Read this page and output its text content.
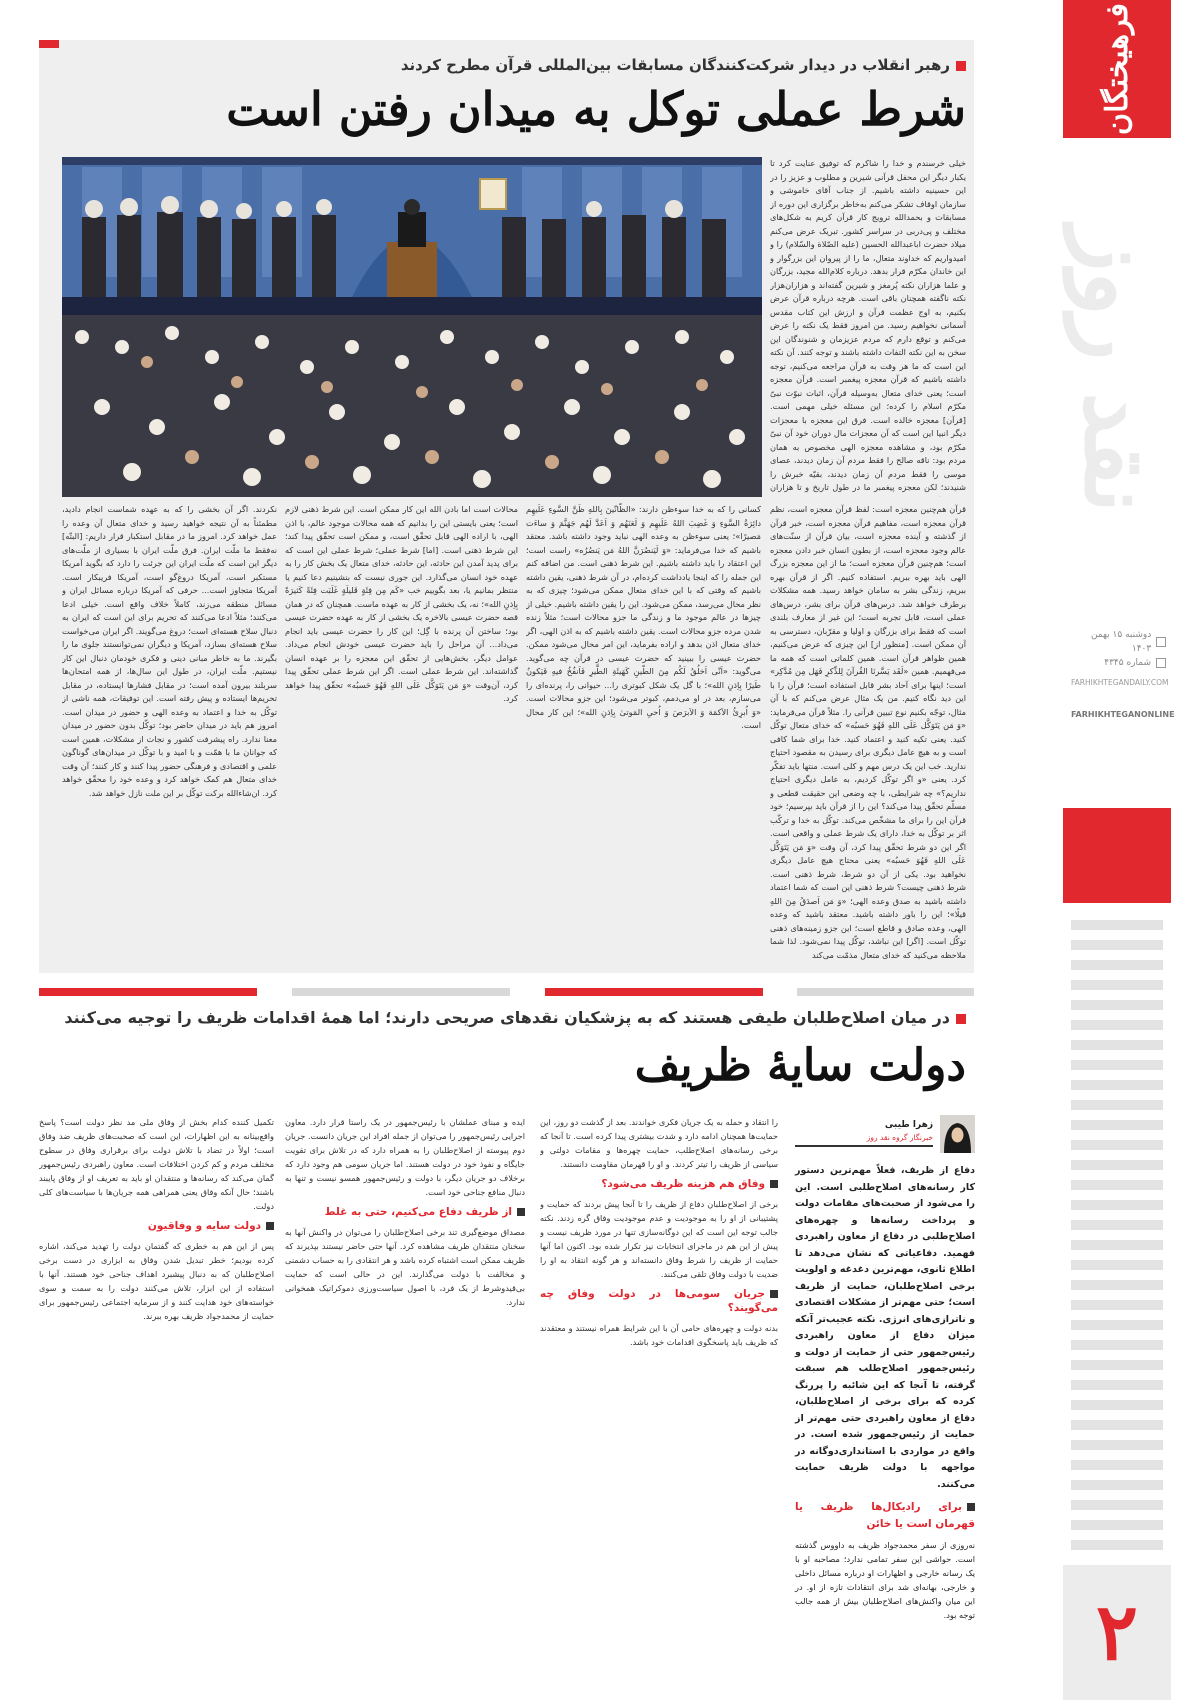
فرهیختگان
نقد روز
دوشنبه ۱۵ بهمن ۱۴۰۳
شماره ۴۳۴۵
FARHIKHTEGANDAILY.COM
FARHIKHTEGANONLINE
۲
رهبر انقلاب در دیدار شرکت‌کنندگان مسابقات بین‌المللی قرآن مطرح کردند
شرط عملی توکل به میدان رفتن است

خیلی خرسندم و خدا را شاکرم که توفیق عنایت کرد تا یکبار دیگر این محفل قرآنی شیرین و مطلوب و عزیز را در این حسینیه داشته باشیم. از جناب آقای خاموشی و سازمان اوقاف تشکر می‌کنم به‌خاطر برگزاری این دوره از مسابقات و بحمدالله ترویج کار قرآن کریم به شکل‌های مختلف و پی‌دربی در سراسر کشور. تبریک عرض می‌کنم میلاد حضرت اباعبدالله الحسین (علیه الصّلاة والسّلام) را و امیدواریم که خداوند متعال، ما را از پیروان این بزرگوار و این خاندان مکرّم قرار بدهد. درباره کلام‌الله مجید، بزرگان و علما هزاران نکته پُرمغز و شیرین گفته‌اند و هزاران‌هزار نکته ناگفته همچنان باقی است. هرچه درباره قرآن عرض بکنیم، به اوج عظمت قرآن و ارزش این کتاب مقدس آسمانی نخواهیم رسید. من امروز فقط یک نکته را عرض می‌کنم و توقع دارم که مردم عزیزمان و شنوندگان این سخن به این نکته التفات داشته باشند و توجه کنند. آن نکته این است که ما هر وقت به قرآن مراجعه می‌کنیم، توجه داشته باشیم که قرآن معجزه پیغمبر است. قرآن معجزه است؛ یعنی خدای متعال به‌وسیله قرآن، اثبات نبوّت نبیّ مکرّم اسلام را کرده؛ این مسئله خیلی مهمی است. [قرآن] معجزه خالده است. فرق این معجزه با معجزات دیگر انبیا این است که آن معجزات مال دوران خود آن نبیّ مکرّم بود، و مشاهده معجزه الهی مخصوص به همان مردم بود: ناقه صالح را فقط مردم آن زمان دیدند، عصای موسی را فقط مردم آن زمان دیدند، بقیّه خبرش را شنیدند؛ لکن معجزه پیغمبر ما در طول تاریخ و تا هزاران

قرآن هم‌چنین معجزه است: لفظ قرآن معجزه است، نظم قرآن معجزه است، مفاهیم قرآن معجزه است، خبر قرآن از گذشته و آینده معجزه است، بیان قرآن از سنّت‌های عالم وجود معجزه است، از بطون انسان خبر دادن معجزه است؛ هم‌چنین قرآن معجزه است؛ ما از این معجزه بزرگ الهی باید بهره ببریم. استفاده کنیم. اگر از قرآن بهره ببریم، زندگی بشر به سامان خواهد رسید. همه مشکلات برطرف خواهد شد. درس‌های قرآن برای بشر، درس‌های عملی است، قابل تجربه است؛ این غیر از معارف بلندی است که فقط برای بزرگان و اولیا و مقرّبان، دسترسی به آن ممکن است. [منظور از] این چیزی که عرض می‌کنیم، همین ظواهر قرآن است. همین کلماتی است که همه ما می‌فهمیم. همین «لَقَد یَسَّرنَا القُرآنَ لِلذِّکرِ فَهَل مِن مُدَّکِر» است؛ اینها برای آحاد بشر قابل استفاده است؛ قرآن را با این دید نگاه کنیم. من یک مثال عرض می‌کنم که با آن مثال، توجّه بکنیم نوع تبیین قرآنی را. مثلاً قرآن می‌فرماید: «وَ مَن یَتَوَکَّل عَلَی اللهِ فَهُوَ حَسبُه» که خدای متعال توکّل کنید. یعنی تکیه کنید و اعتماد کنید. خدا برای شما کافی است و به هیچ عامل دیگری برای رسیدن به مقصود احتیاج ندارید. خب این یک درس مهم و کلی است. منتها باید تفکّر کرد. یعنی «و اگر توکّل کردیم، به عامل دیگری احتیاج نداریم؟» چه شرایطی، با چه وضعی این حقیقت قطعی و مسلّم تحقّق پیدا می‌کند؟ این را از قرآن باید بپرسیم؛ خود قرآن این را برای ما مشخّص می‌کند. توکّل به خدا و ترکّب اثر بر توکّل به خدا، دارای یک شرط عملی و واقعی است. اگر این دو شرط تحقّق پیدا کرد، آن وقت «وَ مَن یَتَوَکَّل عَلَی اللهِ فَهُوَ حَسبُه» یعنی محتاج هیچ عامل دیگری نخواهید بود. یکی از آن دو شرط، شرط ذهنی است. شرط ذهنی چیست؟ شرط ذهنی این است که شما اعتماد داشته باشید به صدق وعده الهی؛ «وَ مَن اَصدَقُ مِنَ اللهِ قیلًا»؛ این را باور داشته باشید. معتقد باشید که وعده الهی، وعده صادق و قاطع است؛ این جزو زمینه‌های ذهنی توکّل است. [اگر] این نباشد، توکّل پیدا نمی‌شود. لذا شما ملاحظه می‌کنید که خدای متعال مذمّت می‌کند

کسانی را که به خدا سوءظن دارند: «الظّانّینَ بِاللهِ ظَنَّ السَّوءِ عَلَیهِم دائِرَةُ السَّوءِ وَ غَضِبَ اللهُ عَلَیهِم وَ لَعَنَهُم وَ اَعَدَّ لَهُم جَهَنَّمَ وَ ساءَت مَصیرًا»؛ یعنی سوءظن به وعده الهی نباید وجود داشته باشد. معتقد باشیم که خدا می‌فرماید: «وَ لَیَنصُرَنَّ اللهُ مَن یَنصُرُه» راست است؛ این اعتقاد را باید داشته باشیم. این شرط ذهنی است. من اضافه کنم این جمله را که اینجا یادداشت کرده‌ام، در آن شرط ذهنی، یقین داشته باشیم که وقتی که با این خدای متعال ممکن می‌شود؛ چیزی که به نظر محال می‌رسد، ممکن می‌شود. این را یقین داشته باشیم. خیلی از چیزها در عالم موجود ما و زندگی ما جزو محالات است؛ مثلاً زنده شدن مرده جزو محالات است. یقین داشته باشیم که به اذن الهی، اگر خدای متعال اذن بدهد و اراده بفرماید، این امر محال می‌شود ممکن. حضرت عیسی را ببینید که حضرت عیسی در قرآن چه می‌گوید. می‌گوید: «اَنّی اَخلُقُ لَکُم مِنَ الطّینِ کَهَیئَةِ الطَّیرِ فَاَنفُخُ فیهِ فَیَکونُ طَیرًا بِاِذنِ الله»؛ با گل یک شکل کبوتری را... حیوانی را، پرنده‌ای را می‌سازم، بعد در او می‌دمم، کبوتر می‌شود؛ این جزو محالات است. «وَ اُبرِئُ الاَکمَهَ وَ الاَبرَصَ وَ اُحیِ المَوتیٰ بِاِذنِ الله»؛ این کار محال است.

محالات است اما بادن الله این کار ممکن است. این شرط ذهنی لازم است؛ یعنی بایستی این را بدانیم که همه محالات موجود عالم، با اذن الهی، با اراده الهی قابل تحقّق است، و ممکن است تحقّق پیدا کند؛ این شرط ذهنی است. [اما] شرط عملی؛ شرط عملی این است که برای پدید آمدن این حادثه، این حادثه، خدای متعال یک بخش کار را به عهده خود انسان می‌گذارد. این جوری نیست که بنشینیم دعا کنیم یا منتظر بمانیم یا، بعد بگوییم خب «کَم مِن فِئَةٍ قَلیلَةٍ غَلَبَت فِئَةً کَثیرَةً بِاِذنِ الله»؛ نه، یک بخشی از کار به عهده ماست. همچنان که در همان قصه حضرت عیسی بالاخره یک بخشی از کار به عهده حضرت عیسی بود؛ ساختن آن پرنده با گِل؛ این کار را حضرت عیسی باید انجام می‌داد... آن مراحل را باید حضرت عیسی خودش انجام می‌داد. عوامل دیگر، بخش‌هایی از تحقّق این معجزه را بر عهده انسان گذاشته‌اند. این شرط عملی است. اگر این شرط عملی تحقّق پیدا کرد، آن‌وقت «وَ مَن یَتَوَکَّل عَلَی اللهِ فَهُوَ حَسبُه» تحقّق پیدا خواهد کرد.

نکردند. اگر آن بخشی را که به عهده شماست انجام دادید، مطمئناً به آن نتیجه خواهید رسید و خدای متعال آن وعده را عمل خواهد کرد. امروز ما در مقابل استکبار قرار داریم: [البتّه] نه‌فقط ما ملّت ایران. فرق ملّت ایران با بسیاری از ملّت‌های دیگر این است که ملّت ایران این جرئت را دارد که بگوید آمریکا مستکبر است، آمریکا دروغ‌گو است، آمریکا فریبکار است. آمریکا متجاوز است... حرفی که آمریکا درباره مسائل ایران و مسائل منطقه می‌زند، کاملاً خلاف واقع است. خیلی ادعا می‌کنند؛ مثلاً ادعا می‌کنند که تحریم برای این است که ایران به دنبال سلاح هسته‌ای است؛ دروغ می‌گویند. اگر ایران می‌خواست سلاح هسته‌ای بسازد، آمریکا و دیگران نمی‌توانستند جلوی ما را بگیرند. ما به خاطر مبانی دینی و فکری خودمان دنبال این کار نیستیم. ملّت ایران، در طول این سال‌ها، از همه امتحان‌ها سربلند بیرون آمده است؛ در مقابل فشارها ایستاده، در مقابل تحریم‌ها ایستاده و پیش رفته است. این توفیقات، همه ناشی از توکّل به خدا و اعتماد به وعده الهی و حضور در میدان است. امروز هم باید در میدان حاضر بود؛ توکّل بدون حضور در میدان معنا ندارد. راه پیشرفت کشور و نجات از مشکلات، همین است که جوانان ما با همّت و با امید و با توکّل در میدان‌های گوناگون علمی و اقتصادی و فرهنگی حضور پیدا کنند و کار کنند؛ آن وقت خدای متعال هم کمک خواهد کرد و وعده خود را محقّق خواهد کرد. ان‌شاءالله برکت توکّل بر این ملت نازل خواهد شد.

در میان اصلاح‌طلبان طیفی هستند که به پزشکیان نقدهای صریحی دارند؛ اما همهٔ اقدامات ظریف را توجیه می‌کنند
دولت سایهٔ ظریف
زهرا طیبی
خبرنگار گروه نقد روز
دفاع از ظریف، فعلاً مهم‌ترین دستور کار رسانه‌های اصلاح‌طلبی است. این را می‌شود از صحبت‌های مقامات دولت و پرداخت رسانه‌ها و چهره‌های اصلاح‌طلبی در دفاع از معاون راهبردی فهمید. دفاعیاتی که نشان می‌دهد تا اطلاع ثانوی، مهم‌ترین دغدغه و اولویت برخی اصلاح‌طلبان، حمایت از ظریف است؛ حتی مهم‌تر از مشکلات اقتصادی و ناترازی‌های انرژی. نکته عجیب‌تر آنکه میزان دفاع از معاون راهبردی رئیس‌جمهور حتی از حمایت از دولت و رئیس‌جمهور اصلاح‌طلب هم سبقت گرفته، تا آنجا که این شائبه را پررنگ کرده که برای برخی از اصلاح‌طلبان، دفاع از معاون راهبردی حتی مهم‌تر از حمایت از رئیس‌جمهور شده است. در واقع در مواردی با استانداری‌دوگانه در مواجهه با دولت ظریف حمایت می‌کنند.
برای رادیکال‌ها ظریف یا قهرمان است یا خائن
نه‌روزی از سفر محمدجواد ظریف به داووس گذشته است. حواشی این سفر تمامی ندارد؛ مصاحبه او با یک رسانه خارجی و اظهارات او درباره مسائل داخلی و خارجی، بهانه‌ای شد برای انتقادات تازه از او. در این میان واکنش‌های اصلاح‌طلبان بیش از همه جالب توجه بود.

را انتقاد و حمله به یک جریان فکری خواندند. بعد از گذشت دو روز، این حمایت‌ها همچنان ادامه دارد و شدت بیشتری پیدا کرده است. تا آنجا که برخی رسانه‌های اصلاح‌طلب، حمایت چهره‌ها و مقامات دولتی و سیاسی از ظریف را تیتر کردند. و او را قهرمان مقاومت دانستند.

وفاق هم هزینه ظریف می‌شود؟

برخی از اصلاح‌طلبان دفاع از ظریف را تا آنجا پیش بردند که حمایت و پشتیبانی از او را به موجودیت و عدم موجودیت وفاق گره زدند. نکته جالب توجه این است که این دوگانه‌سازی تنها در مورد ظریف نیست و پیش از این هم در ماجرای انتخابات نیز تکرار شده بود. اکنون اما آنها حمایت از ظریف را شرط وفاق دانسته‌اند و هر گونه انتقاد به او را ضدیت با دولت وفاق تلقی می‌کنند.

جریان سومی‌ها در دولت وفاق چه می‌گویند؟

بدنه دولت و چهره‌های حامی آن با این شرایط همراه نیستند و معتقدند که ظریف باید پاسخگوی اقدامات خود باشد.

ایده و مبنای عملشان با رئیس‌جمهور در یک راستا قرار دارد. معاون اجرایی رئیس‌جمهور را می‌توان از جمله افراد این جریان دانست. جریان دوم پیوسته از اصلاح‌طلبان را به همراه دارد که در تلاش برای تقویت جایگاه و نفوذ خود در دولت هستند. اما جریان سومی هم وجود دارد که برخلاف دو جریان دیگر، با دولت و رئیس‌جمهور همسو نیست و تنها به دنبال منافع جناحی خود است.

از ظریف دفاع می‌کنیم، حتی به غلط

مصداق موضع‌گیری تند برخی اصلاح‌طلبان را می‌توان در واکنش آنها به سخنان منتقدان ظریف مشاهده کرد. آنها حتی حاضر نیستند بپذیرند که ظریف ممکن است اشتباه کرده باشد و هر انتقادی را به حساب دشمنی و مخالفت با دولت می‌گذارند. این در حالی است که حمایت بی‌قیدوشرط از یک فرد، با اصول سیاست‌ورزی دموکراتیک همخوانی ندارد.

تکمیل کننده کدام بخش از وفاق ملی مد نظر دولت است؟ پاسخ واقع‌بینانه به این اظهارات، این است که صحبت‌های ظریف ضد وفاق است؛ اولاً در تضاد با تلاش دولت برای برقراری وفاق در سطوح مختلف مردم و کم کردن اختلافات است. معاون راهبردی رئیس‌جمهور گمان می‌کند که رسانه‌ها و منتقدان او باید به تعریف او از وفاق پایبند باشند؛ حال آنکه وفاق یعنی همراهی همه جریان‌ها با سیاست‌های کلی دولت.

دولت سایه و وفاقیون

پس از این هم به خطری که گفتمان دولت را تهدید می‌کند، اشاره کرده بودیم؛ خطر تبدیل شدن وفاق به ابزاری در دست برخی اصلاح‌طلبان که به دنبال پیشبرد اهداف جناحی خود هستند. آنها با استفاده از این ابزار، تلاش می‌کنند دولت را به سمت و سوی خواسته‌های خود هدایت کنند و از سرمایه اجتماعی رئیس‌جمهور برای حمایت از محمدجواد ظریف بهره ببرند.
